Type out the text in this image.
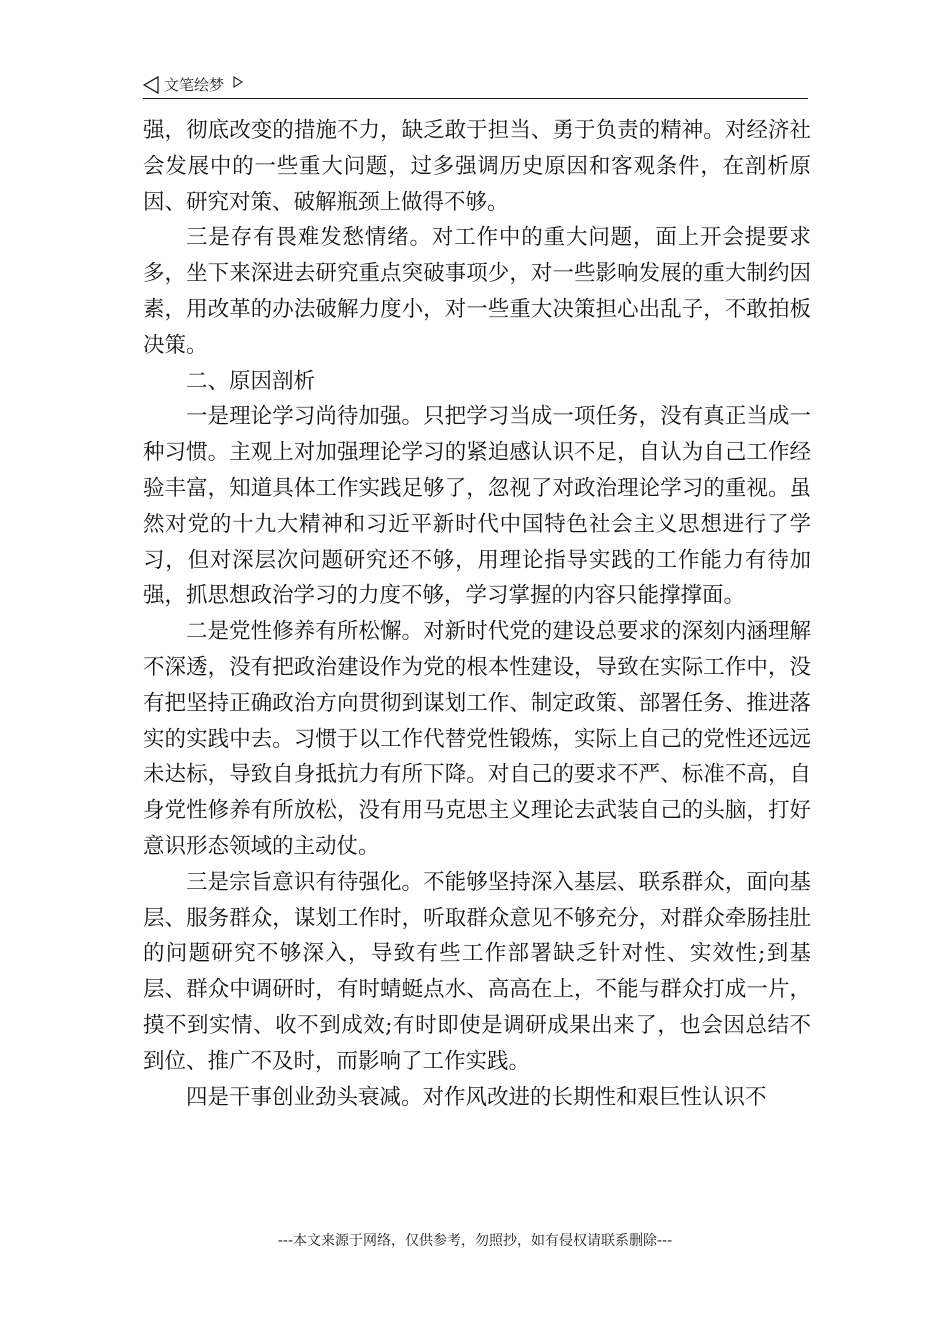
文笔绘梦

强，彻底改变的措施不力，缺乏敢于担当、勇于负责的精神。对经济社会发展中的一些重大问题，过多强调历史原因和客观条件，在剖析原因、研究对策、破解瓶颈上做得不够。

三是存有畏难发愁情绪。对工作中的重大问题，面上开会提要求多，坐下来深进去研究重点突破事项少，对一些影响发展的重大制约因素，用改革的办法破解力度小，对一些重大决策担心出乱子，不敢拍板决策。

二、原因剖析

一是理论学习尚待加强。只把学习当成一项任务，没有真正当成一种习惯。主观上对加强理论学习的紧迫感认识不足，自认为自己工作经验丰富，知道具体工作实践足够了，忽视了对政治理论学习的重视。虽然对党的十九大精神和习近平新时代中国特色社会主义思想进行了学习，但对深层次问题研究还不够，用理论指导实践的工作能力有待加强，抓思想政治学习的力度不够，学习掌握的内容只能撑撑面。

二是党性修养有所松懈。对新时代党的建设总要求的深刻内涵理解不深透，没有把政治建设作为党的根本性建设，导致在实际工作中，没有把坚持正确政治方向贯彻到谋划工作、制定政策、部署任务、推进落实的实践中去。习惯于以工作代替党性锻炼，实际上自己的党性还远远未达标，导致自身抵抗力有所下降。对自己的要求不严、标准不高，自身党性修养有所放松，没有用马克思主义理论去武装自己的头脑，打好意识形态领域的主动仗。

三是宗旨意识有待强化。不能够坚持深入基层、联系群众，面向基层、服务群众，谋划工作时，听取群众意见不够充分，对群众牵肠挂肚的问题研究不够深入，导致有些工作部署缺乏针对性、实效性;到基层、群众中调研时，有时蜻蜓点水、高高在上，不能与群众打成一片，摸不到实情、收不到成效;有时即使是调研成果出来了，也会因总结不到位、推广不及时，而影响了工作实践。

四是干事创业劲头衰减。对作风改进的长期性和艰巨性认识不

---本文来源于网络，仅供参考，勿照抄，如有侵权请联系删除---
